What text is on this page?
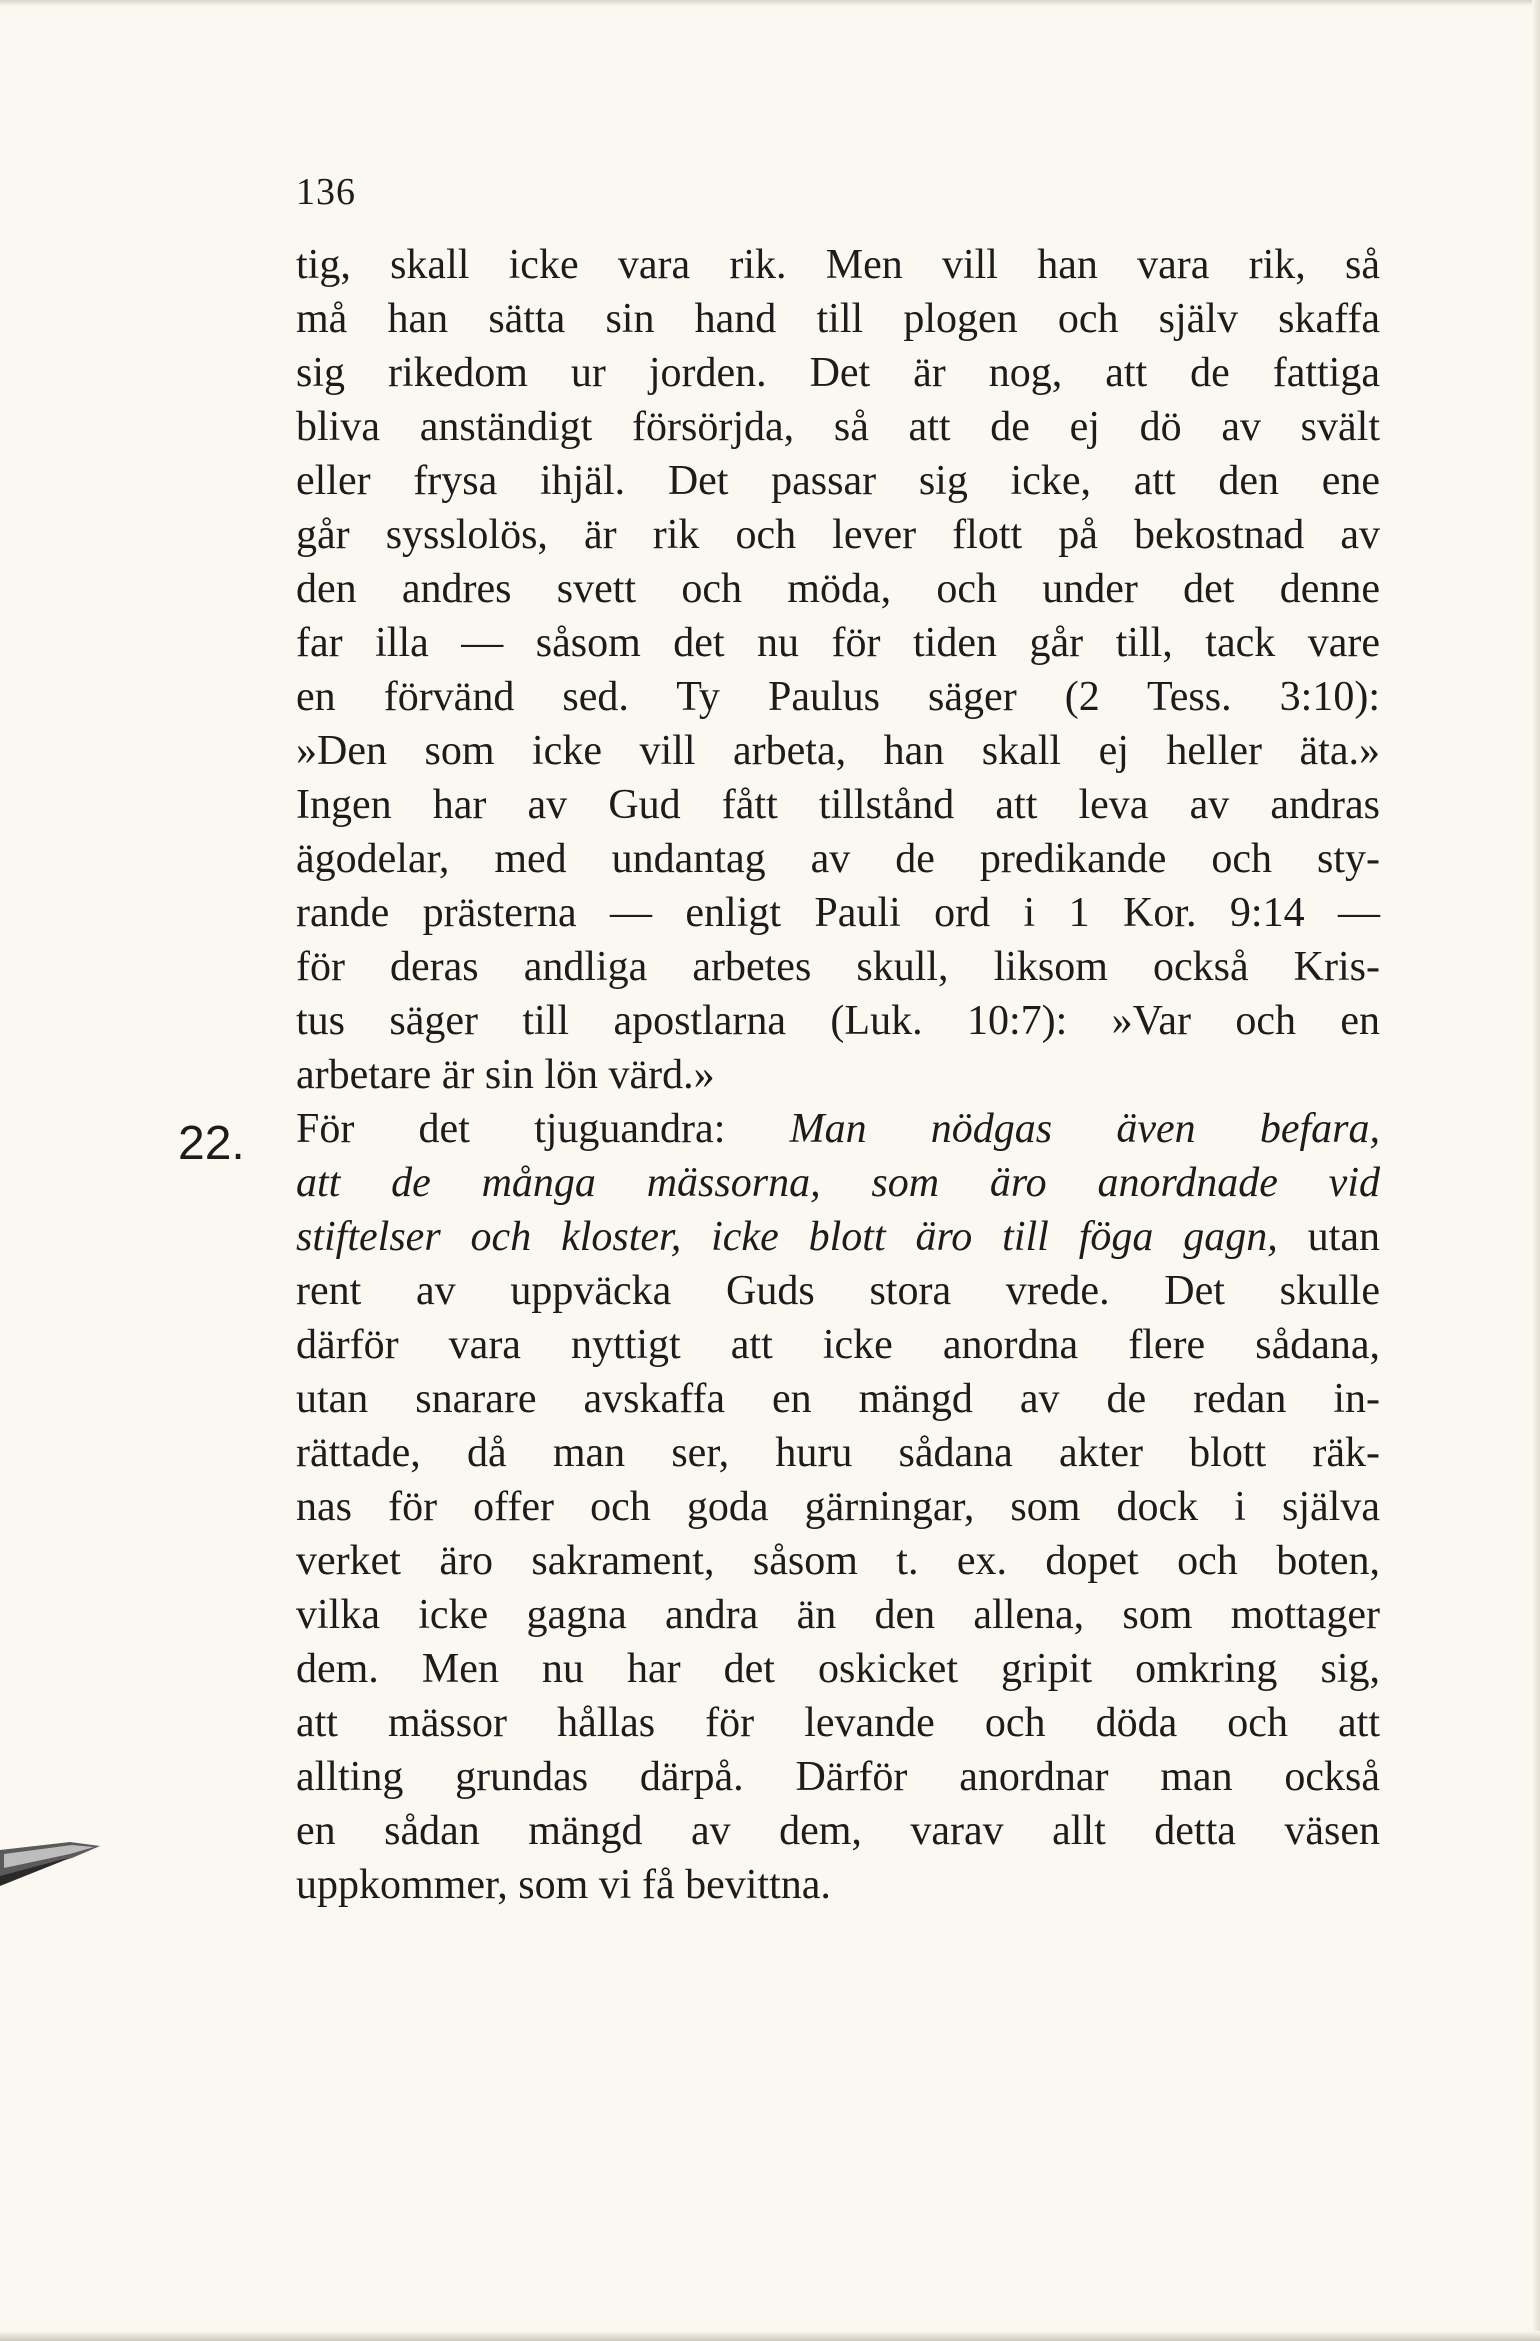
136
tig, skall icke vara rik. Men vill han vara rik, så
må han sätta sin hand till plogen och själv skaffa
sig rikedom ur jorden. Det är nog, att de fattiga
bliva anständigt försörjda, så att de ej dö av svält
eller frysa ihjäl. Det passar sig icke, att den ene
går sysslolös, är rik och lever flott på bekostnad av
den andres svett och möda, och under det denne
far illa — såsom det nu för tiden går till, tack vare
en förvänd sed. Ty Paulus säger (2 Tess. 3:10):
»Den som icke vill arbeta, han skall ej heller äta.»
Ingen har av Gud fått tillstånd att leva av andras
ägodelar, med undantag av de predikande och sty-
rande prästerna — enligt Pauli ord i 1 Kor. 9:14 —
för deras andliga arbetes skull, liksom också Kris-
tus säger till apostlarna (Luk. 10:7): »Var och en
arbetare är sin lön värd.»
För det tjuguandra: Man nödgas även befara,
att de många mässorna, som äro anordnade vid
stiftelser och kloster, icke blott äro till föga gagn, utan
rent av uppväcka Guds stora vrede. Det skulle
därför vara nyttigt att icke anordna flere sådana,
utan snarare avskaffa en mängd av de redan in-
rättade, då man ser, huru sådana akter blott räk-
nas för offer och goda gärningar, som dock i själva
verket äro sakrament, såsom t. ex. dopet och boten,
vilka icke gagna andra än den allena, som mottager
dem. Men nu har det oskicket gripit omkring sig,
att mässor hållas för levande och döda och att
allting grundas därpå. Därför anordnar man också
en sådan mängd av dem, varav allt detta väsen
uppkommer, som vi få bevittna.
22.
